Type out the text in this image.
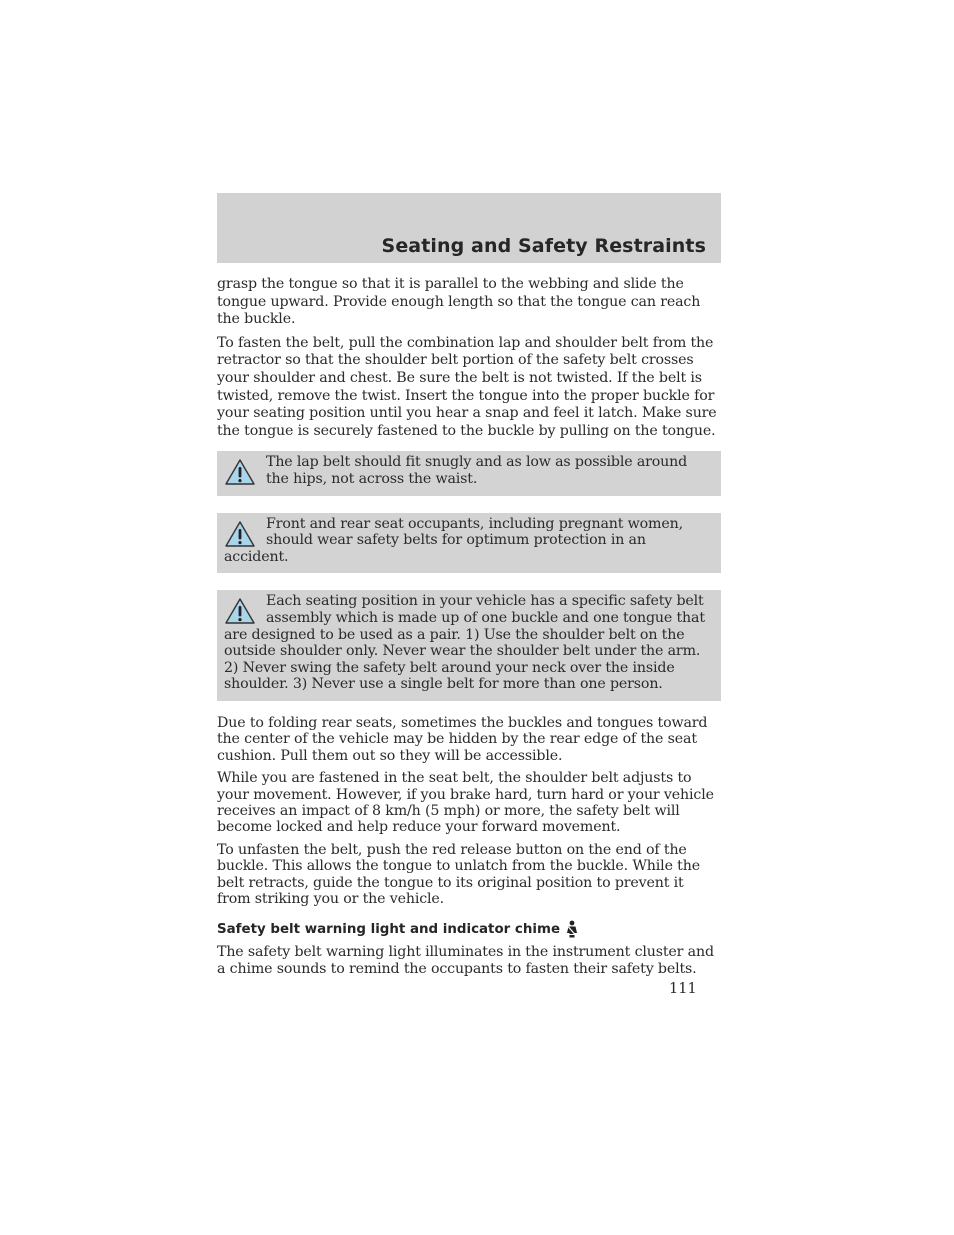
Seating and Safety Restraints

grasp the tongue so that it is parallel to the webbing and slide the tongue upward. Provide enough length so that the tongue can reach the buckle.

To fasten the belt, pull the combination lap and shoulder belt from the retractor so that the shoulder belt portion of the safety belt crosses your shoulder and chest. Be sure the belt is not twisted. If the belt is twisted, remove the twist. Insert the tongue into the proper buckle for your seating position until you hear a snap and feel it latch. Make sure the tongue is securely fastened to the buckle by pulling on the tongue.

The lap belt should fit snugly and as low as possible around the hips, not across the waist.

Front and rear seat occupants, including pregnant women, should wear safety belts for optimum protection in an accident.

Each seating position in your vehicle has a specific safety belt assembly which is made up of one buckle and one tongue that are designed to be used as a pair. 1) Use the shoulder belt on the outside shoulder only. Never wear the shoulder belt under the arm. 2) Never swing the safety belt around your neck over the inside shoulder. 3) Never use a single belt for more than one person.

Due to folding rear seats, sometimes the buckles and tongues toward the center of the vehicle may be hidden by the rear edge of the seat cushion. Pull them out so they will be accessible.

While you are fastened in the seat belt, the shoulder belt adjusts to your movement. However, if you brake hard, turn hard or your vehicle receives an impact of 8 km/h (5 mph) or more, the safety belt will become locked and help reduce your forward movement.

To unfasten the belt, push the red release button on the end of the buckle. This allows the tongue to unlatch from the buckle. While the belt retracts, guide the tongue to its original position to prevent it from striking you or the vehicle.

Safety belt warning light and indicator chime

The safety belt warning light illuminates in the instrument cluster and a chime sounds to remind the occupants to fasten their safety belts.

111
